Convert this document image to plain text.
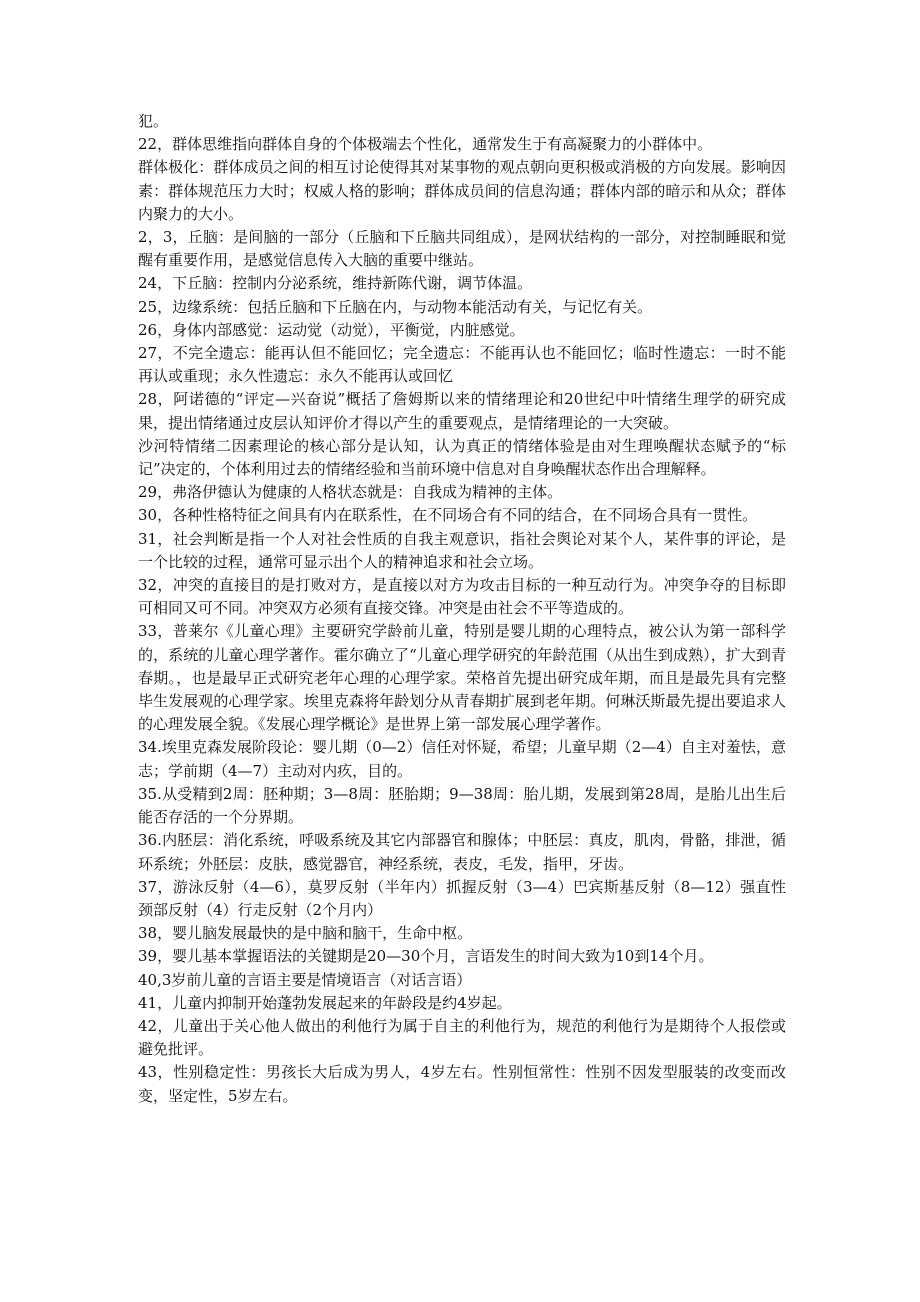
犯。

22，群体思维指向群体自身的个体极端去个性化，通常发生于有高凝聚力的小群体中。

群体极化：群体成员之间的相互讨论使得其对某事物的观点朝向更积极或消极的方向发展。影响因素：群体规范压力大时；权威人格的影响；群体成员间的信息沟通；群体内部的暗示和从众；群体内聚力的大小。

2，3，丘脑：是间脑的一部分（丘脑和下丘脑共同组成），是网状结构的一部分，对控制睡眠和觉醒有重要作用，是感觉信息传入大脑的重要中继站。

24，下丘脑：控制内分泌系统，维持新陈代谢，调节体温。

25，边缘系统：包括丘脑和下丘脑在内，与动物本能活动有关，与记忆有关。

26，身体内部感觉：运动觉（动觉），平衡觉，内脏感觉。

27，不完全遗忘：能再认但不能回忆；完全遗忘：不能再认也不能回忆；临时性遗忘：一时不能再认或重现；永久性遗忘：永久不能再认或回忆

28，阿诺德的“评定—兴奋说”概括了詹姆斯以来的情绪理论和20世纪中叶情绪生理学的研究成果，提出情绪通过皮层认知评价才得以产生的重要观点，是情绪理论的一大突破。

沙河特情绪二因素理论的核心部分是认知，认为真正的情绪体验是由对生理唤醒状态赋予的“标记”决定的，个体利用过去的情绪经验和当前环境中信息对自身唤醒状态作出合理解释。

29，弗洛伊德认为健康的人格状态就是：自我成为精神的主体。

30，各种性格特征之间具有内在联系性，在不同场合有不同的结合，在不同场合具有一贯性。

31，社会判断是指一个人对社会性质的自我主观意识，指社会舆论对某个人，某件事的评论，是一个比较的过程，通常可显示出个人的精神追求和社会立场。

32，冲突的直接目的是打败对方，是直接以对方为攻击目标的一种互动行为。冲突争夺的目标即可相同又可不同。冲突双方必须有直接交锋。冲突是由社会不平等造成的。

33，普莱尔《儿童心理》主要研究学龄前儿童，特别是婴儿期的心理特点，被公认为第一部科学的，系统的儿童心理学著作。霍尔确立了“儿童心理学研究的年龄范围（从出生到成熟），扩大到青春期。，也是最早正式研究老年心理的心理学家。荣格首先提出研究成年期，而且是最先具有完整毕生发展观的心理学家。埃里克森将年龄划分从青春期扩展到老年期。何琳沃斯最先提出要追求人的心理发展全貌。《发展心理学概论》是世界上第一部发展心理学著作。

34.埃里克森发展阶段论：婴儿期（0—2）信任对怀疑，希望；儿童早期（2—4）自主对羞怯，意志；学前期（4—7）主动对内疚，目的。

35.从受精到2周：胚种期；3—8周：胚胎期；9—38周：胎儿期，发展到第28周，是胎儿出生后能否存活的一个分界期。

36.内胚层：消化系统，呼吸系统及其它内部器官和腺体；中胚层：真皮，肌肉，骨骼，排泄，循环系统；外胚层：皮肤，感觉器官，神经系统，表皮，毛发，指甲，牙齿。

37，游泳反射（4—6），莫罗反射（半年内）抓握反射（3—4）巴宾斯基反射（8—12）强直性颈部反射（4）行走反射（2个月内）

38，婴儿脑发展最快的是中脑和脑干，生命中枢。

39，婴儿基本掌握语法的关键期是20—30个月，言语发生的时间大致为10到14个月。

40,3岁前儿童的言语主要是情境语言（对话言语）

41，儿童内抑制开始蓬勃发展起来的年龄段是约4岁起。

42，儿童出于关心他人做出的利他行为属于自主的利他行为，规范的利他行为是期待个人报偿或避免批评。

43，性别稳定性：男孩长大后成为男人，4岁左右。性别恒常性：性别不因发型服装的改变而改变，坚定性，5岁左右。
